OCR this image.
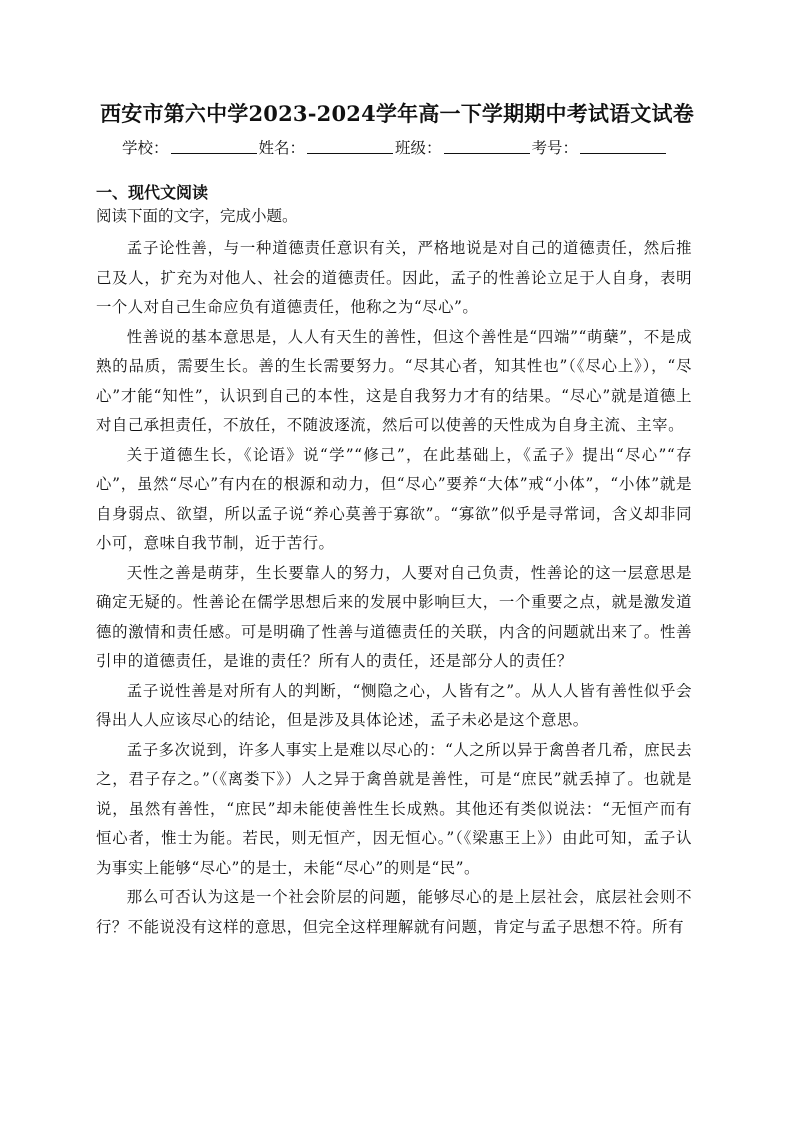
西安市第六中学2023-2024学年高一下学期期中考试语文试卷
学校：	姓名：	班级：	考号：
一、现代文阅读
阅读下面的文字，完成小题。

孟子论性善，与一种道德责任意识有关，严格地说是对自己的道德责任，然后推己及人，扩充为对他人、社会的道德责任。因此，孟子的性善论立足于人自身，表明一个人对自己生命应负有道德责任，他称之为“尽心”。

性善说的基本意思是，人人有天生的善性，但这个善性是“四端”“萌蘖”，不是成熟的品质，需要生长。善的生长需要努力。“尽其心者，知其性也”（《尽心上》），“尽心”才能“知性”，认识到自己的本性，这是自我努力才有的结果。“尽心”就是道德上对自己承担责任，不放任，不随波逐流，然后可以使善的天性成为自身主流、主宰。

关于道德生长，《论语》说“学”“修己”，在此基础上，《孟子》提出“尽心”“存心”，虽然“尽心”有内在的根源和动力，但“尽心”要养“大体”戒“小体”，“小体”就是自身弱点、欲望，所以孟子说“养心莫善于寡欲”。“寡欲”似乎是寻常词，含义却非同小可，意味自我节制，近于苦行。

天性之善是萌芽，生长要靠人的努力，人要对自己负责，性善论的这一层意思是确定无疑的。性善论在儒学思想后来的发展中影响巨大，一个重要之点，就是激发道德的激情和责任感。可是明确了性善与道德责任的关联，内含的问题就出来了。性善引申的道德责任，是谁的责任？所有人的责任，还是部分人的责任？

孟子说性善是对所有人的判断，“恻隐之心，人皆有之”。从人人皆有善性似乎会得出人人应该尽心的结论，但是涉及具体论述，孟子未必是这个意思。

孟子多次说到，许多人事实上是难以尽心的：“人之所以异于禽兽者几希，庶民去之，君子存之。”（《离娄下》）人之异于禽兽就是善性，可是“庶民”就丢掉了。也就是说，虽然有善性，“庶民”却未能使善性生长成熟。其他还有类似说法：“无恒产而有恒心者，惟士为能。若民，则无恒产，因无恒心。”（《梁惠王上》）由此可知，孟子认为事实上能够“尽心”的是士，未能“尽心”的则是“民”。

那么可否认为这是一个社会阶层的问题，能够尽心的是上层社会，底层社会则不行？不能说没有这样的意思，但完全这样理解就有问题，肯定与孟子思想不符。所有
